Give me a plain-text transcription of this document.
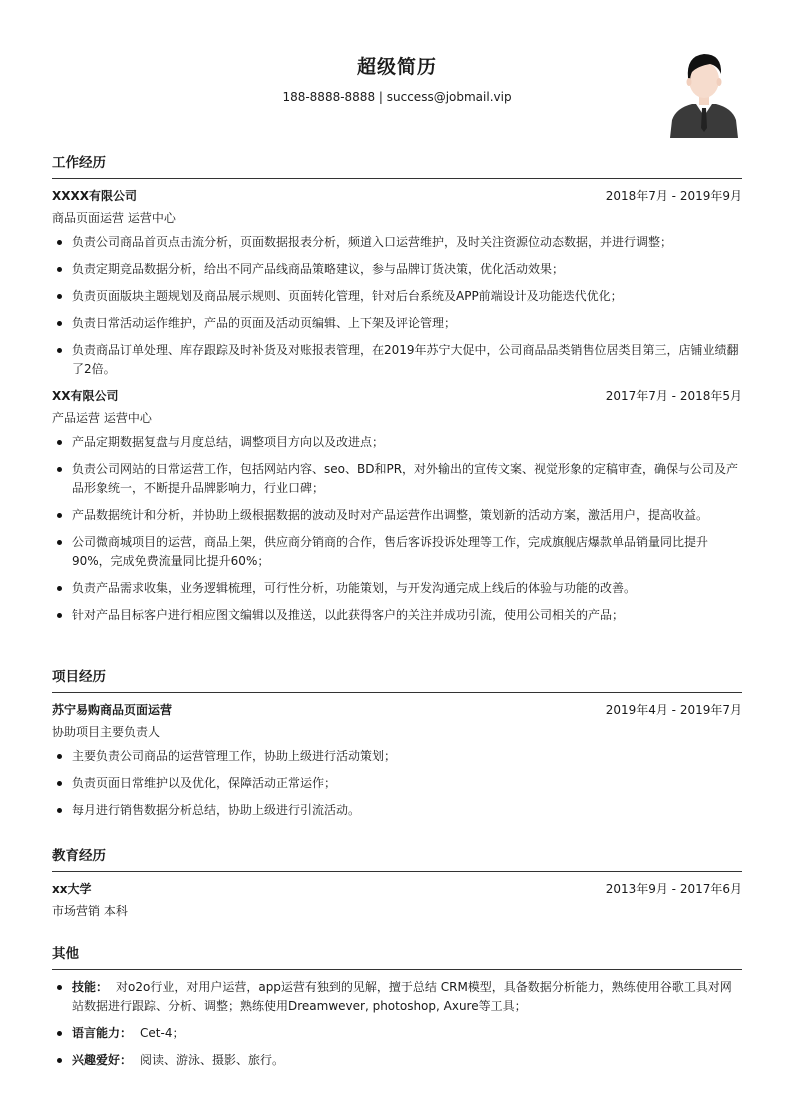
超级简历
188-8888-8888 | success@jobmail.vip
工作经历
XXXX有限公司	2018年7月 - 2019年9月
商品页面运营 运营中心
负责公司商品首页点击流分析，页面数据报表分析，频道入口运营维护，及时关注资源位动态数据，并进行调整；
负责定期竞品数据分析，给出不同产品线商品策略建议，参与品牌订货决策，优化活动效果；
负责页面版块主题规划及商品展示规则、页面转化管理，针对后台系统及APP前端设计及功能迭代优化；
负责日常活动运作维护，产品的页面及活动页编辑、上下架及评论管理；
负责商品订单处理、库存跟踪及时补货及对账报表管理，在2019年苏宁大促中，公司商品品类销售位居类目第三，店铺业绩翻了2倍。
XX有限公司	2017年7月 - 2018年5月
产品运营 运营中心
产品定期数据复盘与月度总结，调整项目方向以及改进点；
负责公司网站的日常运营工作，包括网站内容、seo、BD和PR，对外输出的宣传文案、视觉形象的定稿审查，确保与公司及产品形象统一，不断提升品牌影响力，行业口碑；
产品数据统计和分析，并协助上级根据数据的波动及时对产品运营作出调整，策划新的活动方案，激活用户，提高收益。
公司微商城项目的运营，商品上架，供应商分销商的合作，售后客诉投诉处理等工作，完成旗舰店爆款单品销量同比提升90%，完成免费流量同比提升60%；
负责产品需求收集，业务逻辑梳理，可行性分析，功能策划，与开发沟通完成上线后的体验与功能的改善。
针对产品目标客户进行相应图文编辑以及推送，以此获得客户的关注并成功引流，使用公司相关的产品；
项目经历
苏宁易购商品页面运营	2019年4月 - 2019年7月
协助项目主要负责人
主要负责公司商品的运营管理工作，协助上级进行活动策划；
负责页面日常维护以及优化，保障活动正常运作；
每月进行销售数据分析总结，协助上级进行引流活动。
教育经历
xx大学	2013年9月 - 2017年6月
市场营销 本科
其他
技能： 对o2o行业，对用户运营，app运营有独到的见解，擅于总结 CRM模型，具备数据分析能力，熟练使用谷歌工具对网站数据进行跟踪、分析、调整；熟练使用Dreamwever, photoshop, Axure等工具；
语言能力： Cet-4；
兴趣爱好： 阅读、游泳、摄影、旅行。
